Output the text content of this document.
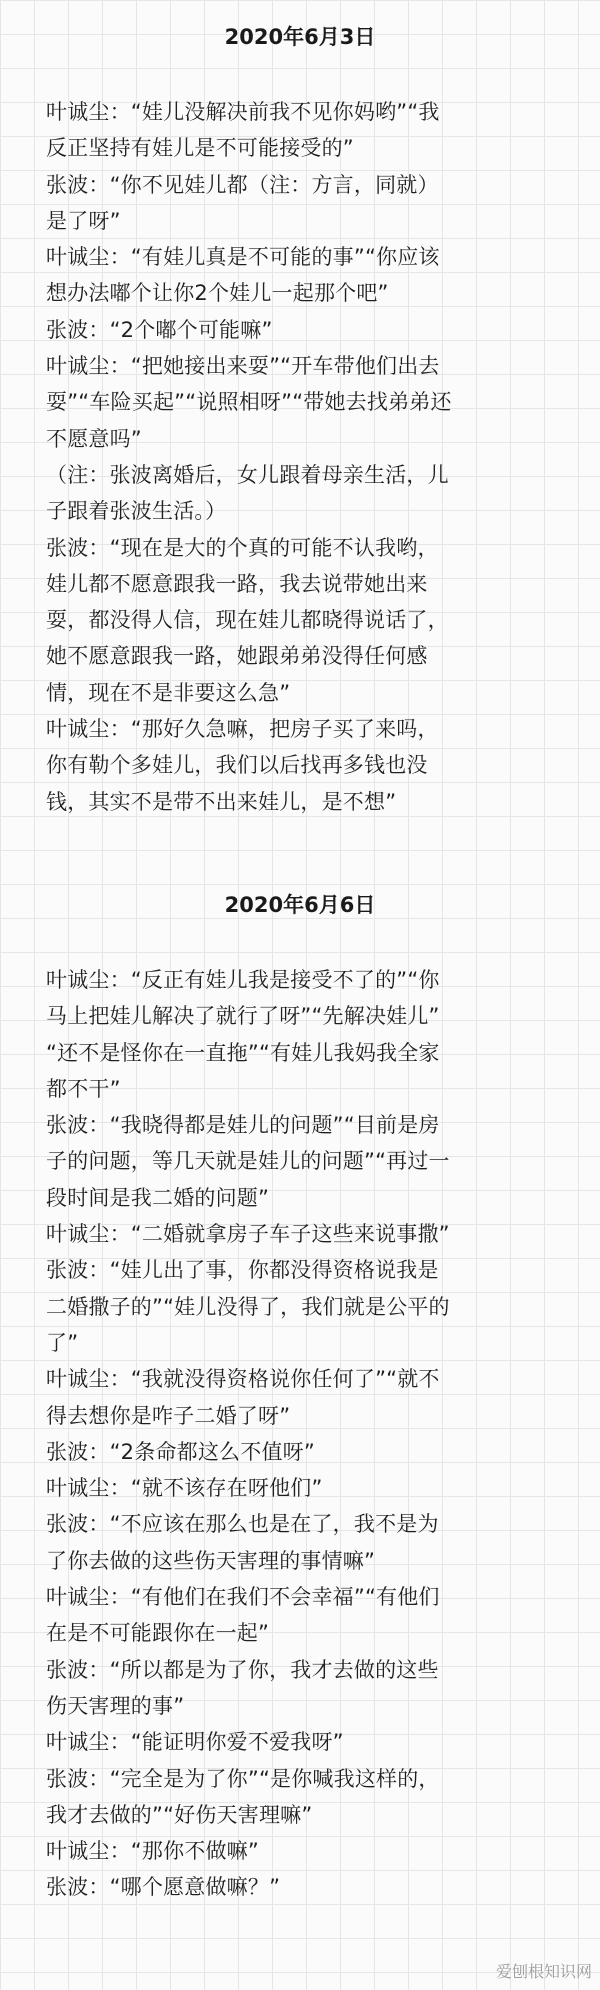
2020年6月3日
叶诚尘：“娃儿没解决前我不见你妈哟”“我
反正坚持有娃儿是不可能接受的”
张波：“你不见娃儿都（注：方言，同就）
是了呀”
叶诚尘：“有娃儿真是不可能的事”“你应该
想办法嘟个让你2个娃儿一起那个吧”
张波：“2个嘟个可能嘛”
叶诚尘：“把她接出来耍”“开车带他们出去
耍”“车险买起”“说照相呀”“带她去找弟弟还
不愿意吗”
（注：张波离婚后，女儿跟着母亲生活，儿
子跟着张波生活。）
张波：“现在是大的个真的可能不认我哟，
娃儿都不愿意跟我一路，我去说带她出来
耍，都没得人信，现在娃儿都晓得说话了，
她不愿意跟我一路，她跟弟弟没得任何感
情，现在不是非要这么急”
叶诚尘：“那好久急嘛，把房子买了来吗，
你有勒个多娃儿，我们以后找再多钱也没
钱，其实不是带不出来娃儿，是不想”
2020年6月6日
叶诚尘：“反正有娃儿我是接受不了的”“你
马上把娃儿解决了就行了呀”“先解决娃儿”
“还不是怪你在一直拖”“有娃儿我妈我全家
都不干”
张波：“我晓得都是娃儿的问题”“目前是房
子的问题，等几天就是娃儿的问题”“再过一
段时间是我二婚的问题”
叶诚尘：“二婚就拿房子车子这些来说事撒”
张波：“娃儿出了事，你都没得资格说我是
二婚撒子的”“娃儿没得了，我们就是公平的
了”
叶诚尘：“我就没得资格说你任何了”“就不
得去想你是咋子二婚了呀”
张波：“2条命都这么不值呀”
叶诚尘：“就不该存在呀他们”
张波：“不应该在那么也是在了，我不是为
了你去做的这些伤天害理的事情嘛”
叶诚尘：“有他们在我们不会幸福”“有他们
在是不可能跟你在一起”
张波：“所以都是为了你，我才去做的这些
伤天害理的事”
叶诚尘：“能证明你爱不爱我呀”
张波：“完全是为了你”“是你喊我这样的，
我才去做的”“好伤天害理嘛”
叶诚尘：“那你不做嘛”
张波：“哪个愿意做嘛？”
爱刨根知识网
